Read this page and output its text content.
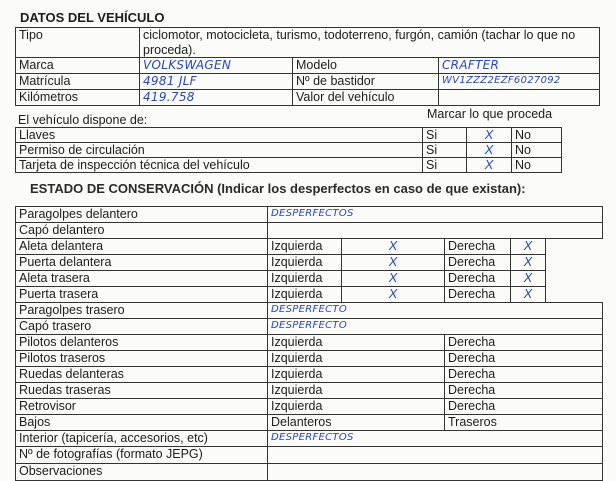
DATOS DEL VEHÍCULO
Tipo	ciclomotor, motocicleta, turismo, todoterreno, furgón, camión (tachar lo que no proceda).
Marca	VOLKSWAGEN	Modelo	CRAFTER
Matrícula	4981 JLF	Nº de bastidor	WV1ZZZ2EZF6027092
Kilómetros	419.758	Valor del vehículo
El vehículo dispone de:	Marcar lo que proceda
Llaves	Si	X	No
Permiso de circulación	Si	X	No
Tarjeta de inspección técnica del vehículo	Si	X	No
ESTADO DE CONSERVACIÓN (Indicar los desperfectos en caso de que existan):
Paragolpes delantero	DESPERFECTOS
Capó delantero
Aleta delantera	Izquierda	X	Derecha	X
Puerta delantera	Izquierda	X	Derecha	X
Aleta trasera	Izquierda	X	Derecha	X
Puerta trasera	Izquierda	X	Derecha	X
Paragolpes trasero	DESPERFECTO
Capó trasero	DESPERFECTO
Pilotos delanteros	Izquierda	Derecha
Pilotos traseros	Izquierda	Derecha
Ruedas delanteras	Izquierda	Derecha
Ruedas traseras	Izquierda	Derecha
Retrovisor	Izquierda	Derecha
Bajos	Delanteros	Traseros
Interior (tapicería, accesorios, etc)	DESPERFECTOS
Nº de fotografías (formato JEPG)
Observaciones
